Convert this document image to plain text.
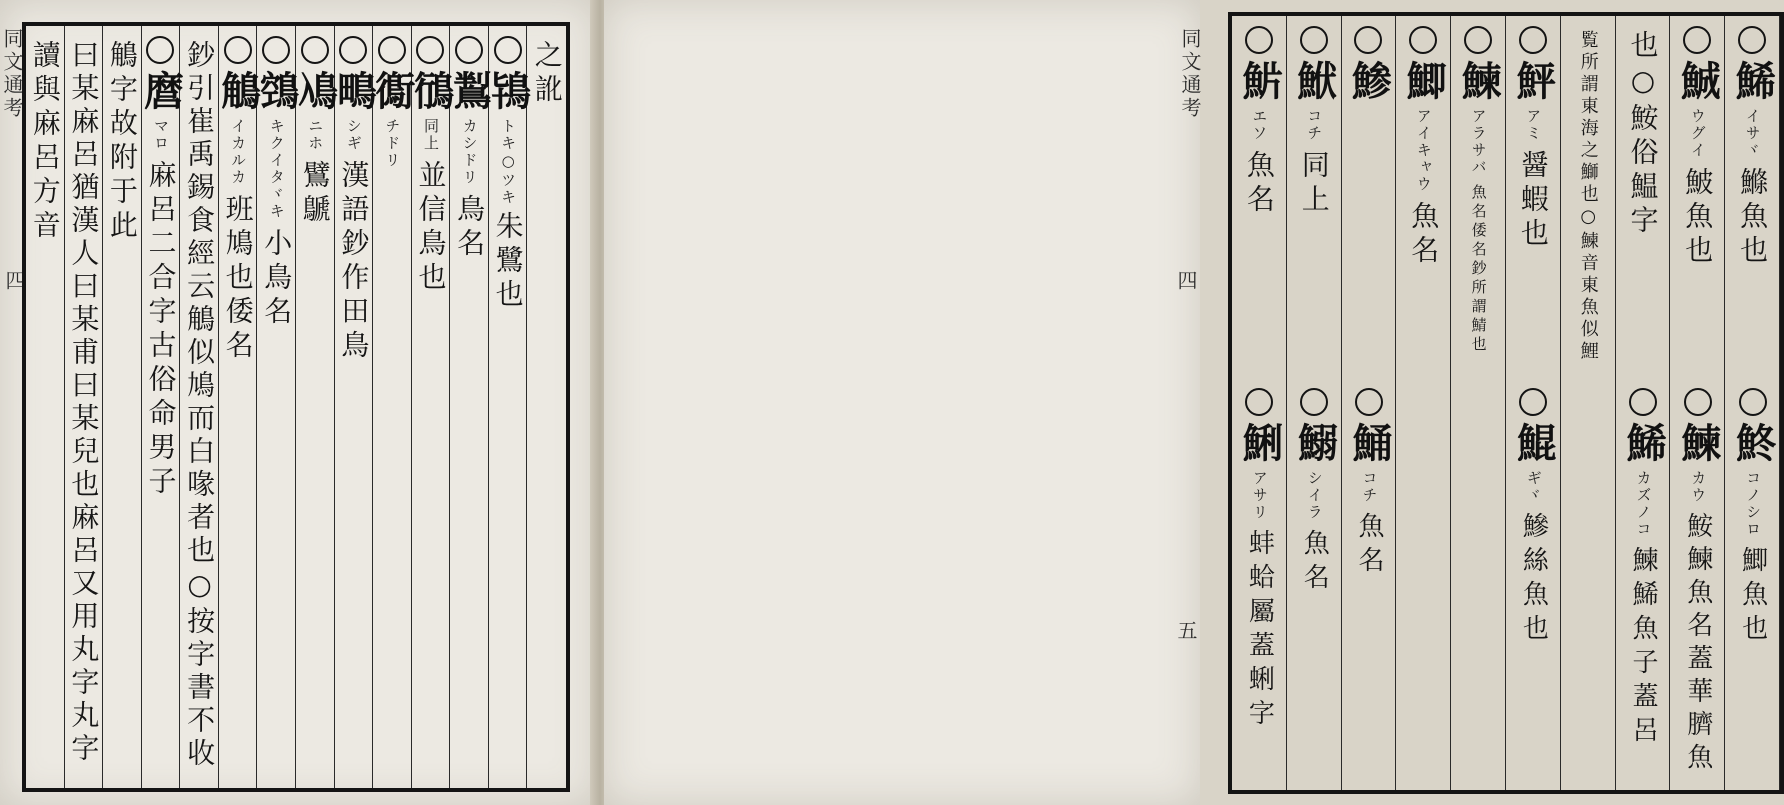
同文通考
四
讀與麻呂方音 曰某麻呂猶漢人曰某甫曰某兒也麻呂又用丸字丸字 鵤字故附于此
麿
マロ
麻呂二合字古俗命男子 鈔引崔禹錫食經云鵤似鳩而白喙者也○按字書不收
鵤
イカルカ
班鳩也倭名
鵼
キクイタヾキ
小鳥名
鳰
ニホ
鷿鷈
鴫
シギ
漢語鈔作田鳥
鵆
チドリ
鴴
同上
並信鳥也
鵥
カシドリ
鳥名
鴇
トキ○ツキ
朱鷺也
之訛	同文通考
四
五
魸
エソ
魚名
鮲
コチ
同上
鯵 鯽
アイキャウ
魚名
鰊
アラサバ
魚名倭名鈔所謂鯖也
鮃
アミ
醤蝦也 覧所謂東海之鰤也○鰊音東魚似鯉 也○鮟俗鰛字 鯎
ウグイ
鮍魚也
鯑
イサヾ
鰷魚也
鯏
アサリ
蚌蛤屬蓋蜊字
鰯
シイラ
魚名
鯒
コチ
魚名
鯤
ギヾ
鰺絲魚也
鯑
カズノコ
鰊鯑魚子蓋呂
鰊
カウ
鮟鰊魚名蓋華臍魚
鮗
コノシロ
鯽魚也
